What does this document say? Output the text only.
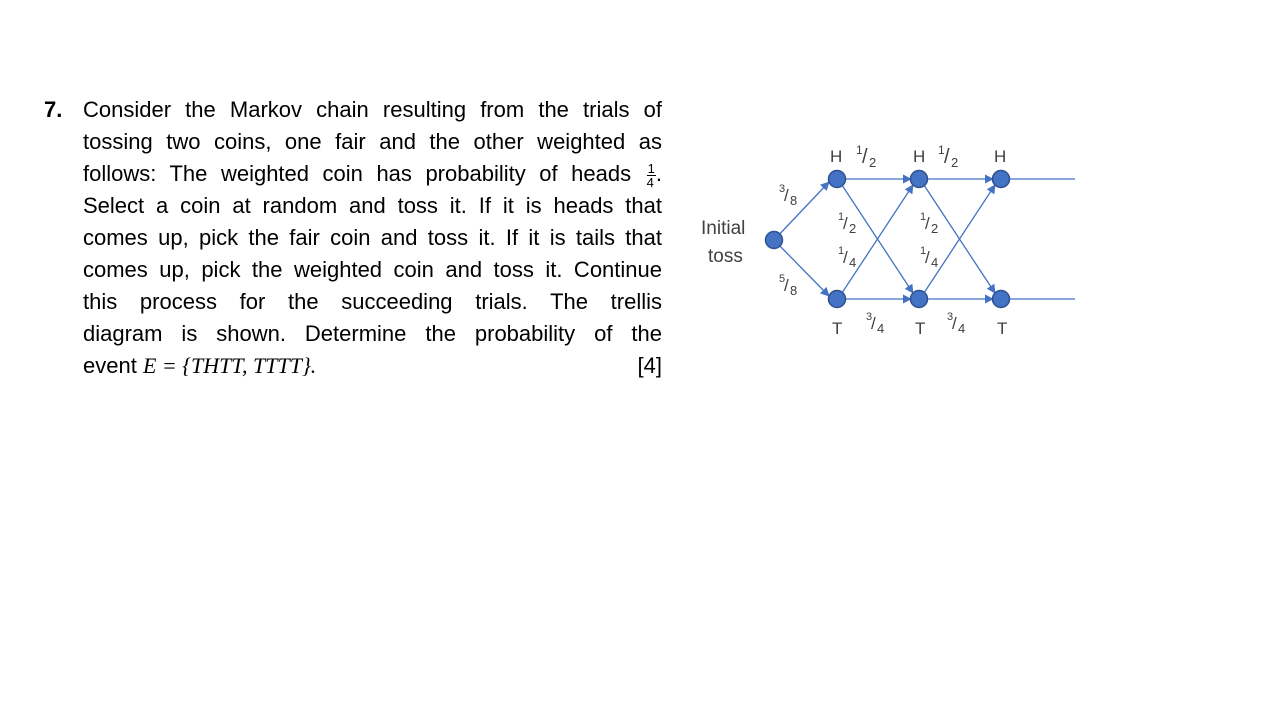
7. Consider the Markov chain resulting from the trials of
tossing two coins, one fair and the other weighted as
follows: The weighted coin has probability of heads $\frac{1}{4}$ .
Select a coin at random and toss it. If it is heads that
comes up, pick the fair coin and toss it. If it is tails that
comes up, pick the weighted coin and toss it. Continue
this process for the succeeding trials. The trellis
diagram is shown. Determine the probability of the
event E = {THTT, TTTT}.	[4]
Initial
toss
H	H	H
T	T	T
3
/ 8
5
/ 8
1 / 2
1 / 2
1
/ 2
1
/ 2
1
/ 4
1
/ 4
3
/ 4
3
/ 4
